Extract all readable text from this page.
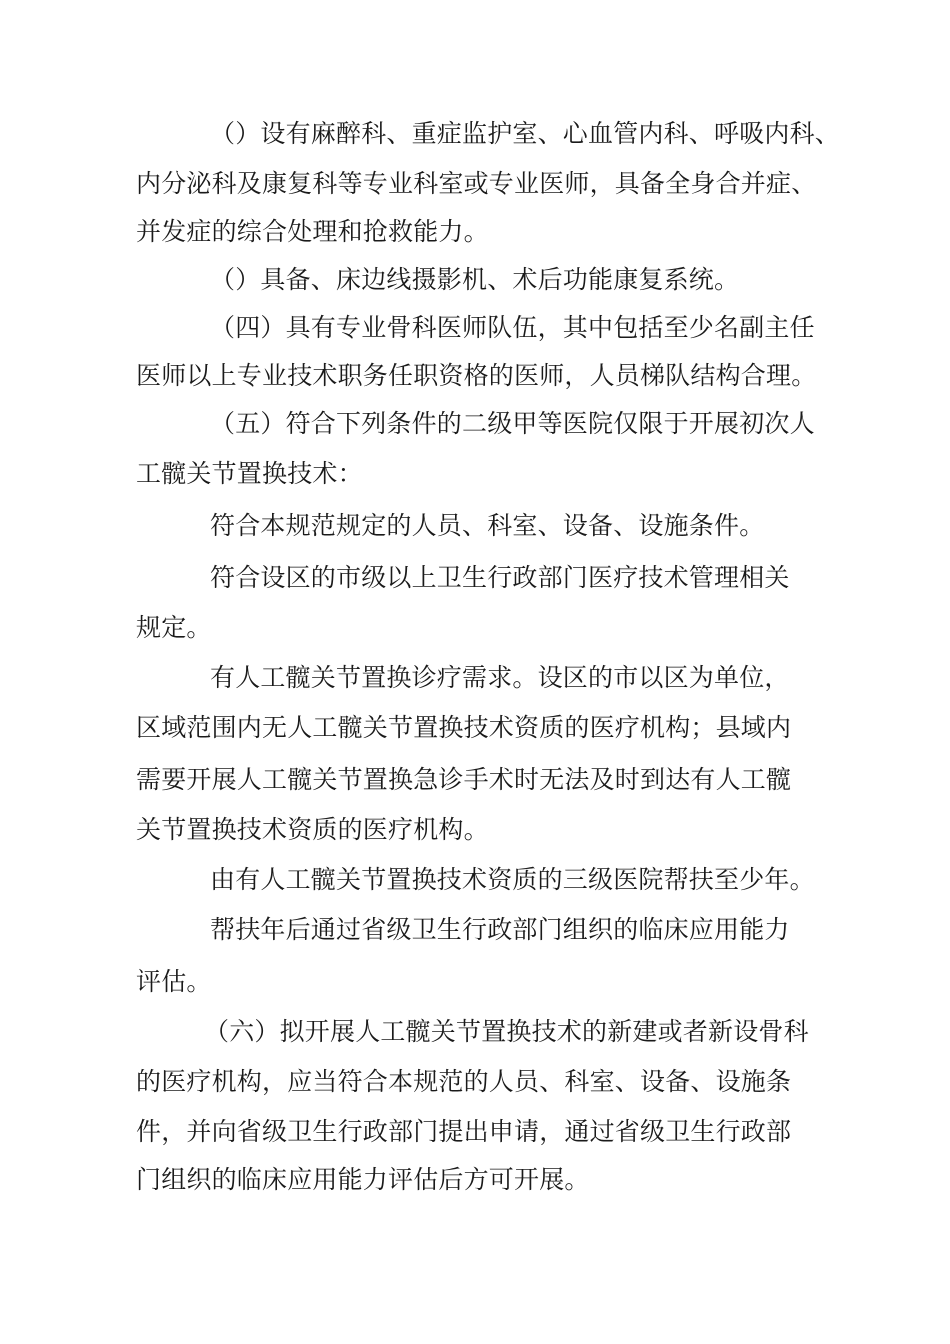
（）设有麻醉科、重症监护室、心血管内科、呼吸内科、
内分泌科及康复科等专业科室或专业医师，具备全身合并症、
并发症的综合处理和抢救能力。
（）具备、床边线摄影机、术后功能康复系统。
（四）具有专业骨科医师队伍，其中包括至少名副主任
医师以上专业技术职务任职资格的医师，人员梯队结构合理。
（五）符合下列条件的二级甲等医院仅限于开展初次人
工髋关节置换技术：
符合本规范规定的人员、科室、设备、设施条件。
符合设区的市级以上卫生行政部门医疗技术管理相关
规定。
有人工髋关节置换诊疗需求。设区的市以区为单位，
区域范围内无人工髋关节置换技术资质的医疗机构；县域内
需要开展人工髋关节置换急诊手术时无法及时到达有人工髋
关节置换技术资质的医疗机构。
由有人工髋关节置换技术资质的三级医院帮扶至少年。
帮扶年后通过省级卫生行政部门组织的临床应用能力
评估。
（六）拟开展人工髋关节置换技术的新建或者新设骨科
的医疗机构，应当符合本规范的人员、科室、设备、设施条
件，并向省级卫生行政部门提出申请，通过省级卫生行政部
门组织的临床应用能力评估后方可开展。
